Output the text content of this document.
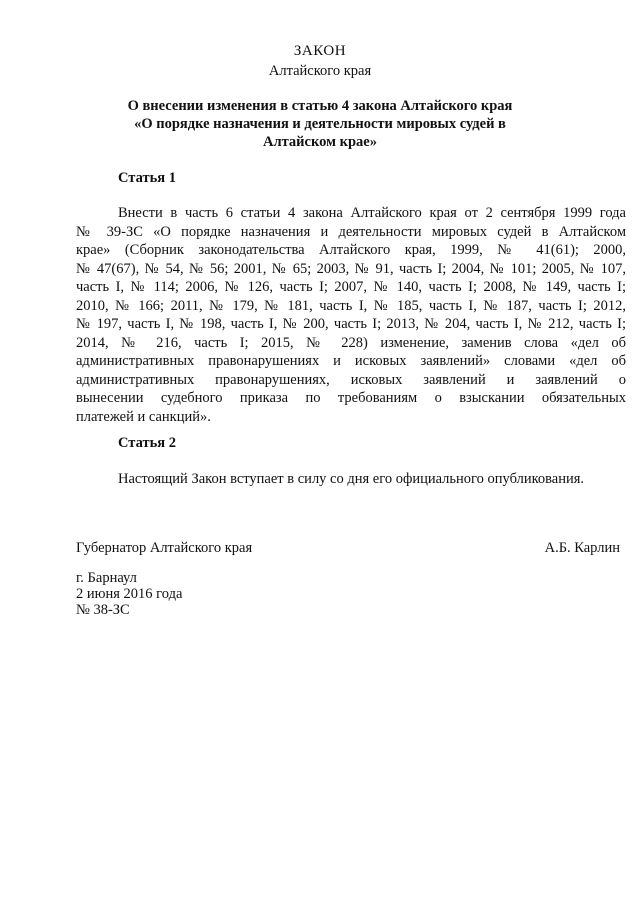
ЗАКОН
Алтайского края
О внесении изменения в статью 4 закона Алтайского края
«О порядке назначения и деятельности мировых судей в
Алтайском крае»
Статья 1
Внести в часть 6 статьи 4 закона Алтайского края от 2 сентября 1999 года
№ 39-ЗС «О порядке назначения и деятельности мировых судей в Алтайском
крае» (Сборник законодательства Алтайского края, 1999, № 41(61); 2000,
№ 47(67), № 54, № 56; 2001, № 65; 2003, № 91, часть I; 2004, № 101; 2005, № 107,
часть I, № 114; 2006, № 126, часть I; 2007, № 140, часть I; 2008, № 149, часть I;
2010, № 166; 2011, № 179, № 181, часть I, № 185, часть I, № 187, часть I; 2012,
№ 197, часть I, № 198, часть I, № 200, часть I; 2013, № 204, часть I, № 212, часть I;
2014, № 216, часть I; 2015, № 228) изменение, заменив слова «дел об
административных правонарушениях и исковых заявлений» словами «дел об
административных правонарушениях, исковых заявлений и заявлений о
вынесении судебного приказа по требованиям о взыскании обязательных
платежей и санкций».
Статья 2
Настоящий Закон вступает в силу со дня его официального опубликования.
Губернатор Алтайского края	А.Б. Карлин
г. Барнаул
2 июня 2016 года
№ 38-ЗС
